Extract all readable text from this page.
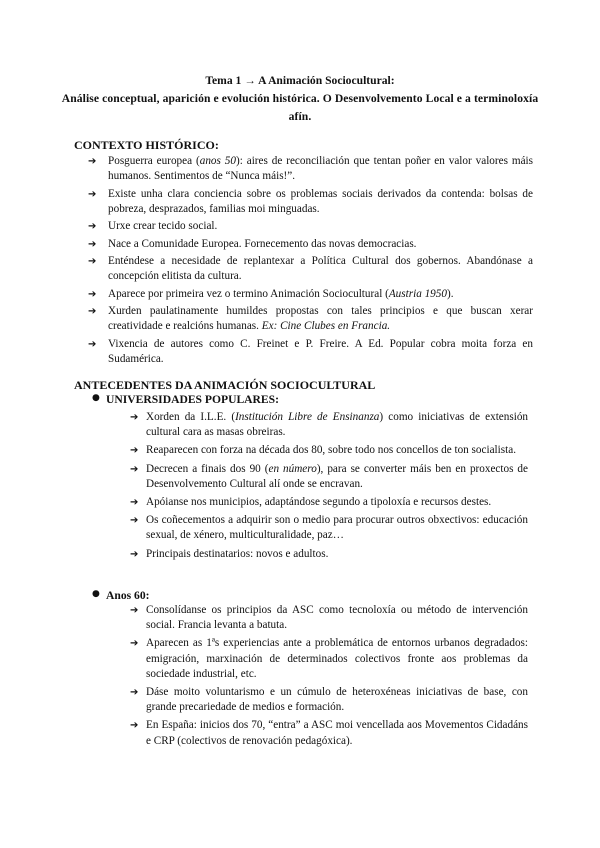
Tema 1 → A Animación Sociocultural:
Análise conceptual, aparición e evolución histórica. O Desenvolvemento Local e a terminoloxía afín.
CONTEXTO HISTÓRICO:
➔ Posguerra europea (anos 50): aires de reconciliación que tentan poñer en valor valores máis humanos. Sentimentos de “Nunca máis!”.
➔ Existe unha clara conciencia sobre os problemas sociais derivados da contenda: bolsas de pobreza, desprazados, familias moi minguadas.
➔ Urxe crear tecido social.
➔ Nace a Comunidade Europea. Fornecemento das novas democracias.
➔ Enténdese a necesidade de replantexar a Política Cultural dos gobernos. Abandónase a concepción elitista da cultura.
➔ Aparece por primeira vez o termino Animación Sociocultural (Austria 1950).
➔ Xurden paulatinamente humildes propostas con tales principios e que buscan xerar creatividade e realcións humanas. Ex: Cine Clubes en Francia.
➔ Vixencia de autores como C. Freinet e P. Freire. A Ed. Popular cobra moita forza en Sudamérica.
ANTECEDENTES DA ANIMACIÓN SOCIOCULTURAL
● UNIVERSIDADES POPULARES:
➔ Xorden da I.L.E. (Institución Libre de Ensinanza) como iniciativas de extensión cultural cara as masas obreiras.
➔ Reaparecen con forza na década dos 80, sobre todo nos concellos de ton socialista.
➔ Decrecen a finais dos 90 (en número), para se converter máis ben en proxectos de Desenvolvemento Cultural alí onde se encravan.
➔ Apóianse nos municipios, adaptándose segundo a tipoloxía e recursos destes.
➔ Os coñecementos a adquirir son o medio para procurar outros obxectivos: educación sexual, de xénero, multiculturalidade, paz…
➔ Principais destinatarios: novos e adultos.
● Anos 60:
➔ Consolídanse os principios da ASC como tecnoloxía ou método de intervención social. Francia levanta a batuta.
➔ Aparecen as 1ªs experiencias ante a problemática de entornos urbanos degradados: emigración, marxinación de determinados colectivos fronte aos problemas da sociedade industrial, etc.
➔ Dáse moito voluntarismo e un cúmulo de heteroxéneas iniciativas de base, con grande precariedade de medios e formación.
➔ En España: inicios dos 70, “entra” a ASC moi vencellada aos Movementos Cidadáns e CRP (colectivos de renovación pedagóxica).
